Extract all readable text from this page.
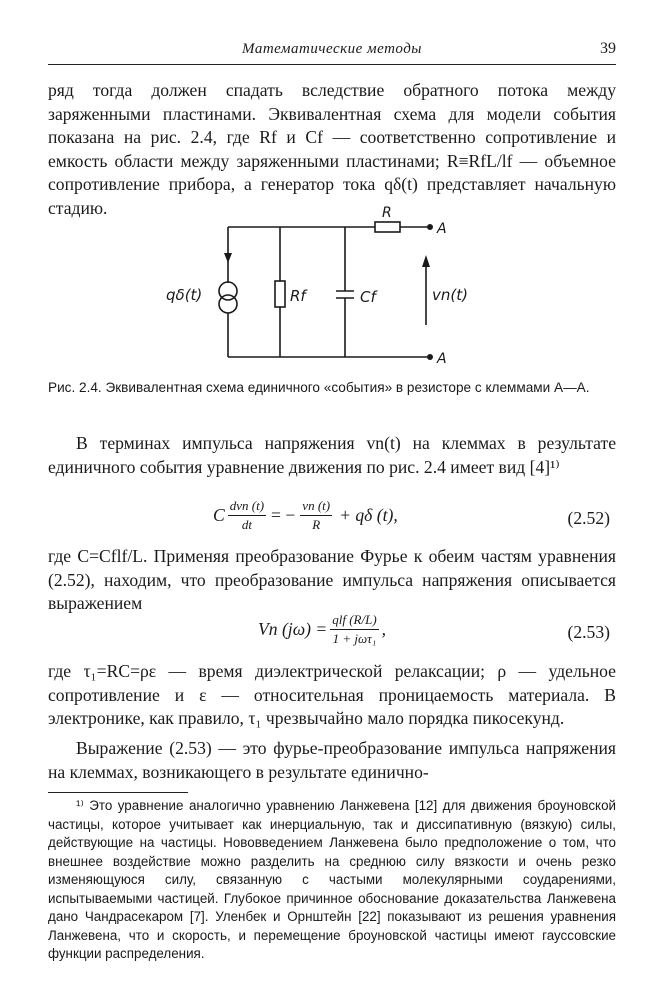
Математические методы	39

ряд тогда должен спадать вследствие обратного потока между заряженными пластинами. Эквивалентная схема для модели события показана на рис. 2.4, где Rf и Cf — соответственно сопротивление и емкость области между заряженными пластинами; R≡RfL/lf — объемное сопротивление прибора, а генератор тока qδ(t) представляет начальную стадию.

qδ(t)	Rf	Cf
R
A
A
vn(t)

Рис. 2.4. Эквивалентная схема единичного «события» в резисторе с клеммами А—А.

В терминах импульса напряжения vn(t) на клеммах в результате единичного события уравнение движения по рис. 2.4 имеет вид [4]¹⁾

C $\frac{\text{dvn (t)}}{dt}$ = − $\frac{vn (t)}{R} + q\delta$ (t),	(2.52)

где C=Cflf/L. Применяя преобразование Фурье к обеим частям уравнения (2.52), находим, что преобразование импульса напряжения описывается выражением

Vn $(j\omega) = \frac{\text{qlf (R/L)}}{\text{1 + jωτ₁}}$ ,	(2.53)

где τ₁=RC=ρε — время диэлектрической релаксации; ρ — удельное сопротивление и ε — относительная проницаемость материала. В электронике, как правило, τ₁ чрезвычайно мало порядка пикосекунд.

Выражение (2.53) — это фурье-преобразование импульса напряжения на клеммах, возникающего в результате единично-

¹⁾ Это уравнение аналогично уравнению Ланжевена [12] для движения броуновской частицы, которое учитывает как инерциальную, так и диссипативную (вязкую) силы, действующие на частицы. Нововведением Ланжевена было предположение о том, что внешнее воздействие можно разделить на среднюю силу вязкости и очень резко изменяющуюся силу, связанную с частыми молекулярными соударениями, испытываемыми частицей. Глубокое причинное обоснование доказательства Ланжевена дано Чандрасекаром [7]. Уленбек и Орнштейн [22] показывают из решения уравнения Ланжевена, что и скорость, и перемещение броуновской частицы имеют гауссовские функции распределения.
